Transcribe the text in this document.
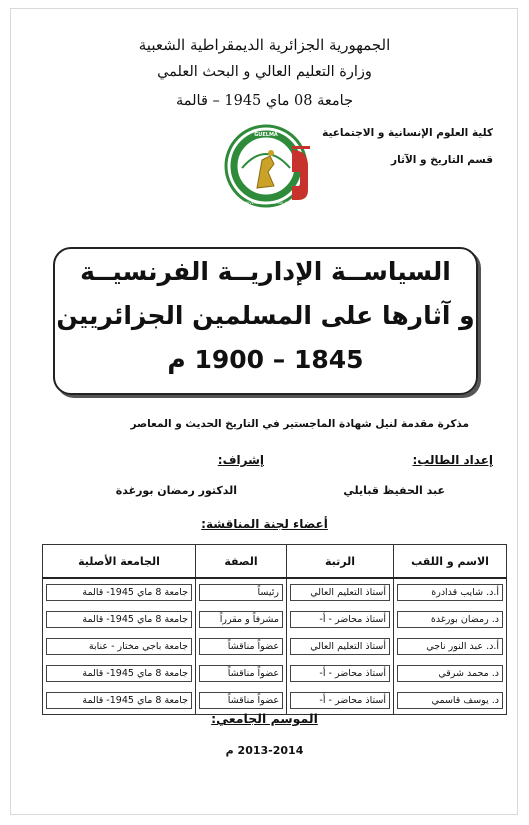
الجمهورية الجزائرية الديمقراطية الشعبية
وزارة التعليم العالي و البحث العلمي
جامعة 08 ماي 1945 – قالمة
كلية العلوم الإنسانية و الاجتماعية
قسم التاريخ و الآثار
GUELMA
UNIVERSITE DU 08 MAI 45
السياســة الإداريــة الفرنسيــة
و آثارها على المسلمين الجزائريين
1845 – 1900 م
مذكرة مقدمة لنيل شهادة الماجستير في التاريخ الحديث و المعاصر
إعداد الطالب:
إشراف:
عبد الحفيظ قبايلي
الدكتور رمضان بورغدة
أعضاء لجنة المناقشة:
الاسم و اللقب	الرتبة	الصفة	الجامعة الأصلية

أ.د. شايب قدادرة	أستاذ التعليم العالي	رئيساً	جامعة 8 ماي 1945- قالمة

د. رمضان بورغدة	أستاذ محاضر - أ-	مشرفاً و مقرراً	جامعة 8 ماي 1945- قالمة

أ.د. عبد النور ناجي	أستاذ التعليم العالي	عضواً مناقشاً	جامعة باجي مختار - عنابة

د. محمد شرقي	أستاذ محاضر - أ-	عضواً مناقشاً	جامعة 8 ماي 1945- قالمة

د. يوسف قاسمي	أستاذ محاضر - أ-	عضواً مناقشاً	جامعة 8 ماي 1945- قالمة
الموسم الجامعي:
2013-2014 م
